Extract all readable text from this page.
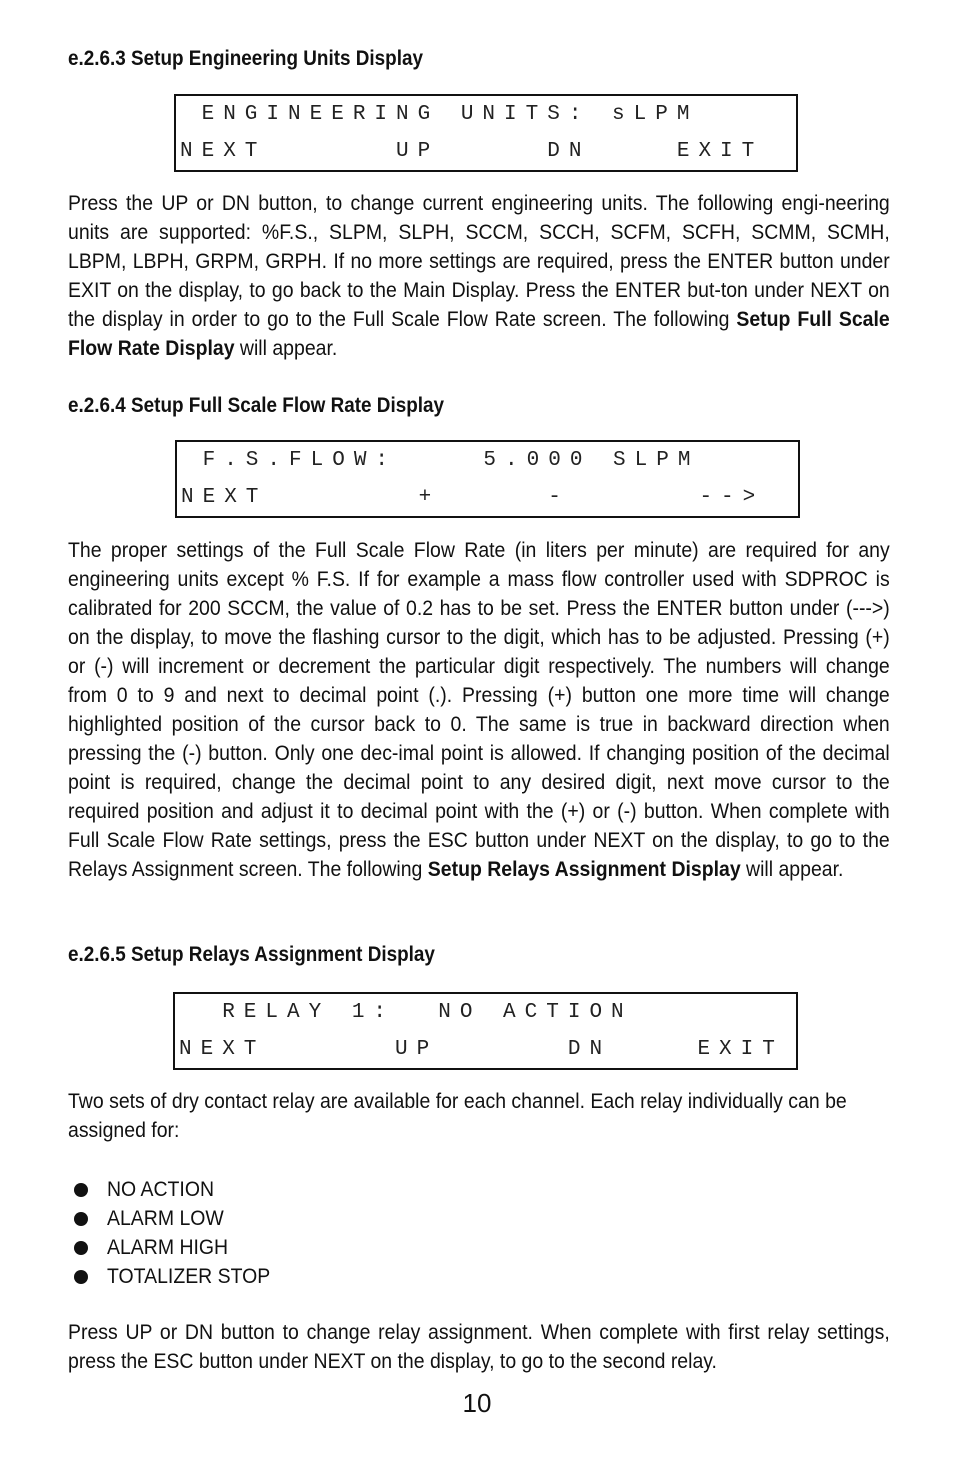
e.2.6.3 Setup Engineering Units Display
ENGINEERING UNITS: sLPM
NEXT      UP     DN    EXIT
Press the UP or DN button, to change current engineering units. The following engi-neering units are supported: %F.S., SLPM, SLPH, SCCM, SCCH, SCFM, SCFH, SCMM, SCMH, LBPM, LBPH, GRPM, GRPH. If no more settings are required, press the ENTER button under EXIT on the display, to go back to the Main Display. Press the ENTER but-ton under NEXT on the display in order to go to the Full Scale Flow Rate screen. The following Setup Full Scale Flow Rate Display will appear.
e.2.6.4 Setup Full Scale Flow Rate Display
F.S.FLOW:    5.000 SLPM
NEXT       +     -      -->
The proper settings of the Full Scale Flow Rate (in liters per minute) are required for any engineering units except % F.S. If for example a mass flow controller used with SDPROC is calibrated for 200 SCCM, the value of 0.2 has to be set. Press the ENTER button under (--->) on the display, to move the flashing cursor to the digit, which has to be adjusted. Pressing (+) or (-) will increment or decrement the particular digit respectively. The numbers will change from 0 to 9 and next to decimal point (.). Pressing (+) button one more time will change highlighted position of the cursor back to 0. The same is true in backward direction when pressing the (-) button. Only one dec-imal point is allowed. If changing position of the decimal point is required, change the decimal point to any desired digit, next move cursor to the required position and adjust it to decimal point with the (+) or (-) button. When complete with Full Scale Flow Rate settings, press the ESC button under NEXT on the display, to go to the Relays Assignment screen. The following Setup Relays Assignment Display will appear.
e.2.6.5 Setup Relays Assignment Display
RELAY 1:  NO ACTION
NEXT      UP      DN    EXIT
Two sets of dry contact relay are available for each channel. Each relay individually can be assigned for:
NO ACTION
ALARM LOW
ALARM HIGH
TOTALIZER STOP
Press UP or DN button to change relay assignment. When complete with first relay settings, press the ESC button under NEXT on the display, to go to the second relay.
10
